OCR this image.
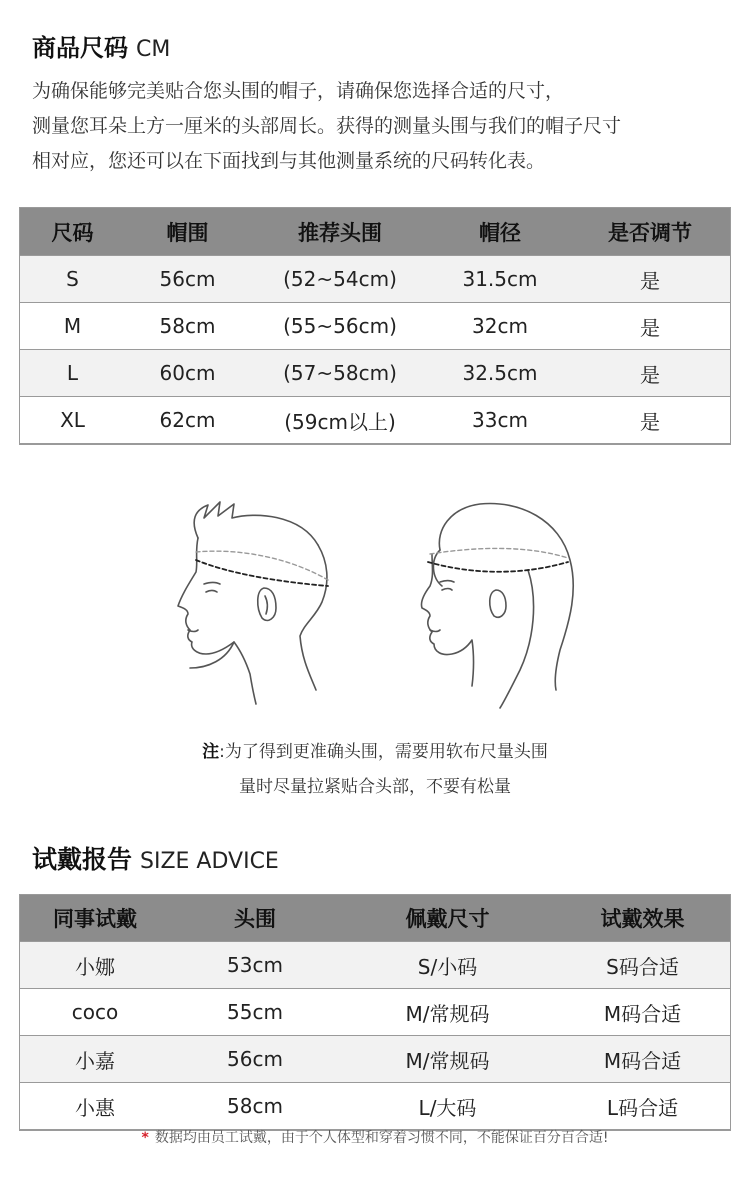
商品尺码 CM

为确保能够完美贴合您头围的帽子，请确保您选择合适的尺寸，

测量您耳朵上方一厘米的头部周长。获得的测量头围与我们的帽子尺寸

相对应，您还可以在下面找到与其他测量系统的尺码转化表。

尺码	帽围	推荐头围	帽径	是否调节
S	56cm	(52~54cm)	31.5cm	是
M	58cm	(55~56cm)	32cm	是
L	60cm	(57~58cm)	32.5cm	是
XL	62cm	(59cm以上)	33cm	是
注:为了得到更准确头围，需要用软布尺量头围
量时尽量拉紧贴合头部，不要有松量
试戴报告 SIZE ADVICE
同事试戴	头围	佩戴尺寸	试戴效果
小娜	53cm	S/小码	S码合适
coco	55cm	M/常规码	M码合适
小嘉	56cm	M/常规码	M码合适
小惠	58cm	L/大码	L码合适
* 数据均由员工试戴，由于个人体型和穿着习惯不同，不能保证百分百合适!
